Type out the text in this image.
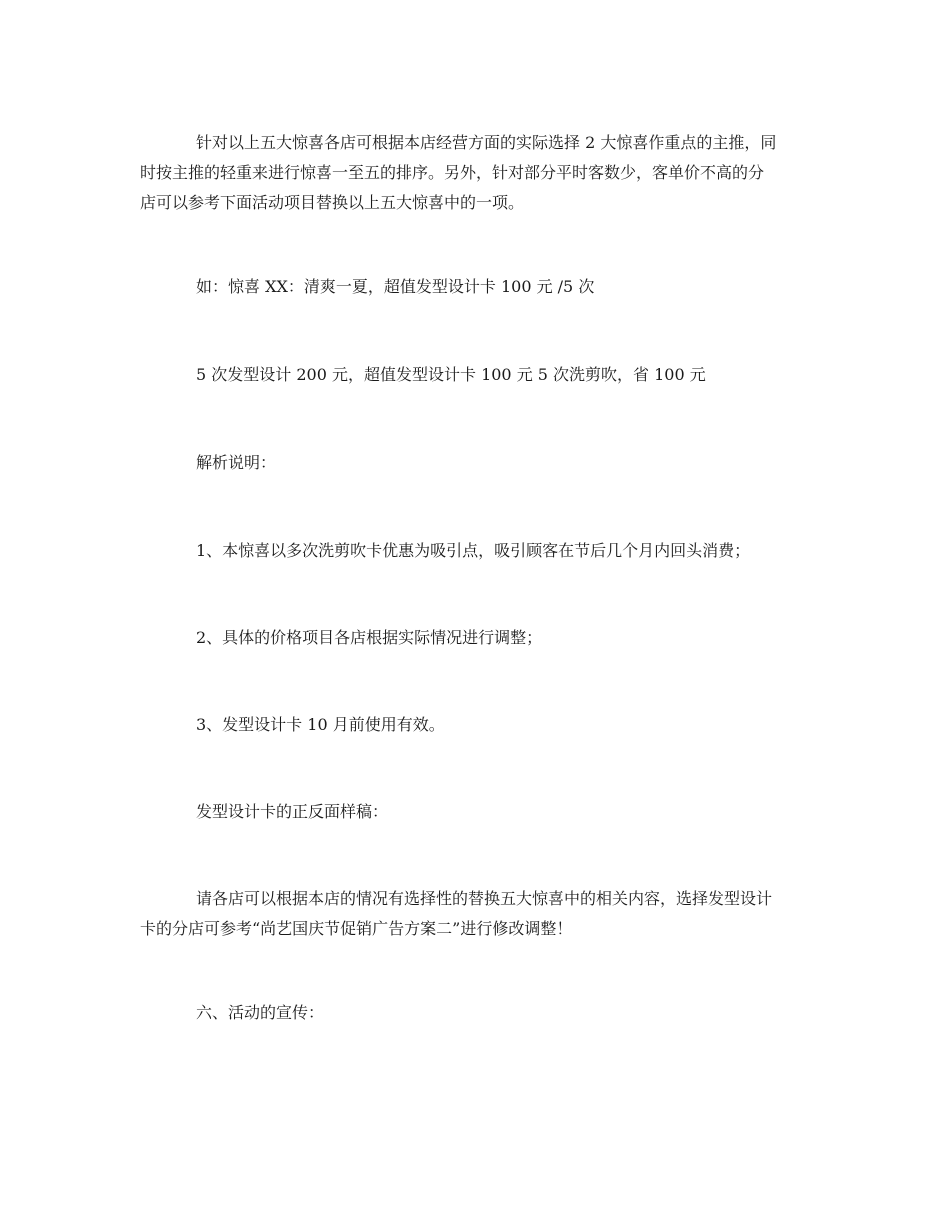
针对以上五大惊喜各店可根据本店经营方面的实际选择 2 大惊喜作重点的主推，同
时按主推的轻重来进行惊喜一至五的排序。另外，针对部分平时客数少，客单价不高的分
店可以参考下面活动项目替换以上五大惊喜中的一项。

如：惊喜 XX：清爽一夏，超值发型设计卡 100 元 /5 次

5 次发型设计 200 元，超值发型设计卡 100 元 5 次洗剪吹，省 100 元

解析说明：

1、本惊喜以多次洗剪吹卡优惠为吸引点，吸引顾客在节后几个月内回头消费；

2、具体的价格项目各店根据实际情况进行调整；

3、发型设计卡 10 月前使用有效。

发型设计卡的正反面样稿：

请各店可以根据本店的情况有选择性的替换五大惊喜中的相关内容，选择发型设计
卡的分店可参考“尚艺国庆节促销广告方案二”进行修改调整！

六、活动的宣传：
